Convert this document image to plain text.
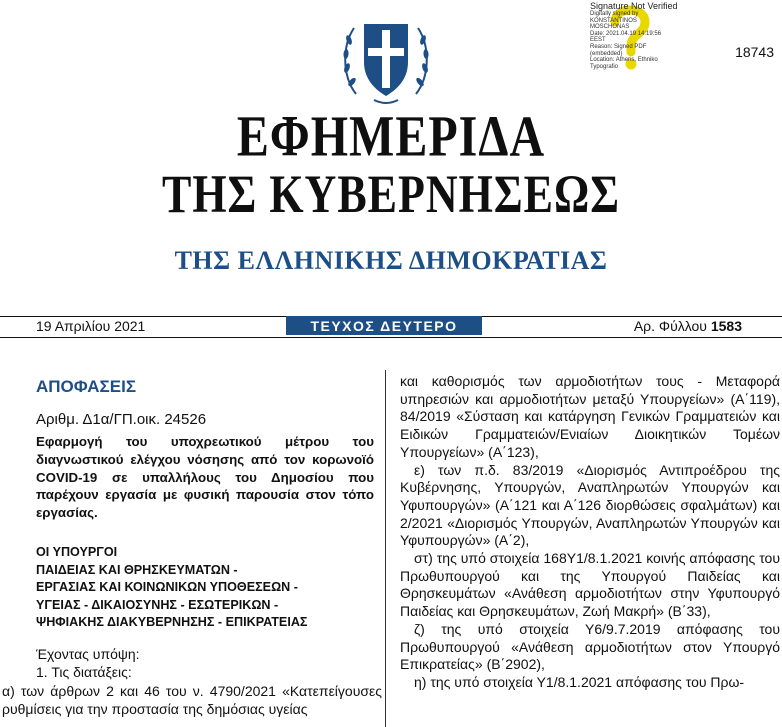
Signature Not Verified
Digitally signed by
KONSTANTINOS
MOSCHONAS
Date: 2021.04.19 14:19:56
EEST
Reason: Signed PDF
(embedded)
Location: Athens, Ethniko
Typografio
18743
ΕΦΗΜΕΡΙΔΑ
ΤΗΣ ΚΥΒΕΡΝΗΣΕΩΣ
ΤΗΣ ΕΛΛΗΝΙΚΗΣ ΔΗΜΟΚΡΑΤΙΑΣ
19 Απριλίου 2021	ΤΕΥΧΟΣ ΔΕΥΤΕΡΟ	Αρ. Φύλλου 1583
ΑΠΟΦΑΣΕΙΣ
Αριθμ. Δ1α/ΓΠ.οικ. 24526
Εφαρμογή του υποχρεωτικού μέτρου του διαγνωστικού ελέγχου νόσησης από τον κορωνοϊό COVID-19 σε υπαλλήλους του Δημοσίου που παρέχουν εργασία με φυσική παρουσία στον τόπο εργασίας.
ΟΙ ΥΠΟΥΡΓΟΙ
ΠΑΙΔΕΙΑΣ ΚΑΙ ΘΡΗΣΚΕΥΜΑΤΩΝ -
ΕΡΓΑΣΙΑΣ ΚΑΙ ΚΟΙΝΩΝΙΚΩΝ ΥΠΟΘΕΣΕΩΝ -
ΥΓΕΙΑΣ - ΔΙΚΑΙΟΣΥΝΗΣ - ΕΣΩΤΕΡΙΚΩΝ -
ΨΗΦΙΑΚΗΣ ΔΙΑΚΥΒΕΡΝΗΣΗΣ - ΕΠΙΚΡΑΤΕΙΑΣ
Έχοντας υπόψη:
1. Τις διατάξεις:
α) των άρθρων 2 και 46 του ν. 4790/2021 «Κατεπείγουσες ρυθμίσεις για την προστασία της δημόσιας υγείας

και καθορισμός των αρμοδιοτήτων τους - Μεταφορά υπηρεσιών και αρμοδιοτήτων μεταξύ Υπουργείων» (Α΄119), 84/2019 «Σύσταση και κατάργηση Γενικών Γραμματειών και Ειδικών Γραμματειών/Ενιαίων Διοικητικών Τομέων Υπουργείων» (Α΄123),

ε) των π.δ. 83/2019 «Διορισμός Αντιπροέδρου της Κυβέρνησης, Υπουργών, Αναπληρωτών Υπουργών και Υφυπουργών» (Α΄121 και Α΄126 διορθώσεις σφαλμάτων) και 2/2021 «Διορισμός Υπουργών, Αναπληρωτών Υπουργών και Υφυπουργών» (Α΄2),

στ) της υπό στοιχεία 168Υ1/8.1.2021 κοινής απόφασης του Πρωθυπουργού και της Υπουργού Παιδείας και Θρησκευμάτων «Ανάθεση αρμοδιοτήτων στην Υφυπουργό Παιδείας και Θρησκευμάτων, Ζωή Μακρή» (Β΄33),

ζ) της υπό στοιχεία Υ6/9.7.2019 απόφασης του Πρωθυπουργού «Ανάθεση αρμοδιοτήτων στον Υπουργό Επικρατείας» (Β΄2902),

η) της υπό στοιχεία Υ1/8.1.2021 απόφασης του Πρω-
